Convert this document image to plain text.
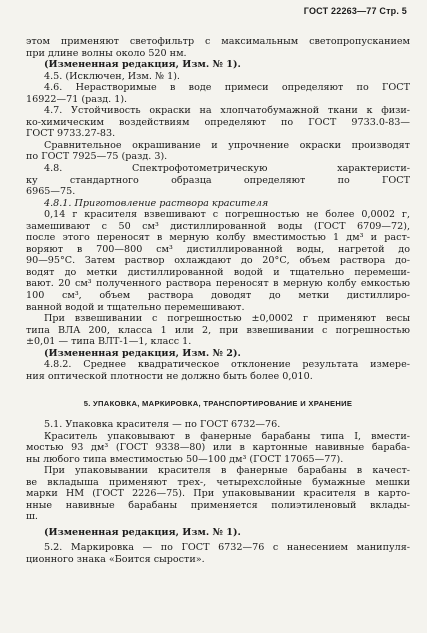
ГОСТ 22263—77 Стр. 5
этом применяют светофильтр с максимальным светопропусканием
при длине волны около 520 нм.
(Измененная редакция, Изм. № 1).
4.5. (Исключен, Изм. № 1).
4.6. Нерастворимые в воде примеси определяют по ГОСТ
16922—71 (разд. 1).
4.7. Устойчивость окраски на хлопчатобумажной ткани к физи-
ко-химическим воздействиям определяют по ГОСТ 9733.0-83—
ГОСТ 9733.27-83.
Сравнительное окрашивание и упрочнение окраски производят
по ГОСТ 7925—75 (разд. 3).
4.8. Спектрофотометрическую характеристи-
ку стандартного образца определяют по ГОСТ
6965—75.
4.8.1. Приготовление раствора красителя
0,14 г красителя взвешивают с погрешностью не более 0,0002 г,
замешивают с 50 см³ дистиллированной воды (ГОСТ 6709—72),
после этого переносят в мерную колбу вместимостью 1 дм³ и раст-
воряют в 700—800 см³ дистиллированной воды, нагретой до
90—95°С. Затем раствор охлаждают до 20°С, объем раствора до-
водят до метки дистиллированной водой и тщательно перемеши-
вают. 20 см³ полученного раствора переносят в мерную колбу емкостью 100 см³, объем раствора доводят до метки дистиллиро-
ванной водой и тщательно перемешивают.
При взвешивании с погрешностью ±0,0002 г применяют весы
типа ВЛА 200, класса 1 или 2, при взвешивании с погрешностью
±0,01 — типа ВЛТ-1—1, класс 1.
(Измененная редакция, Изм. № 2).
4.8.2. Среднее квадратическое отклонение результата измере-
ния оптической плотности не должно быть более 0,010.
5. УПАКОВКА, МАРКИРОВКА, ТРАНСПОРТИРОВАНИЕ И ХРАНЕНИЕ
5.1. Упаковка красителя — по ГОСТ 6732—76.
Краситель упаковывают в фанерные барабаны типа I, вмести-
мостью 93 дм³ (ГОСТ 9338—80) или в картонные навивные бараба-
ны любого типа вместимостью 50—100 дм³ (ГОСТ 17065—77).
При упаковывании красителя в фанерные барабаны в качест-
ве вкладыша применяют трех-, четырехслойные бумажные мешки
марки НМ (ГОСТ 2226—75). При упаковывании красителя в карто-
нные навивные барабаны применяется полиэтиленовый вклады-
ш.
(Измененная редакция, Изм. № 1).
5.2. Маркировка — по ГОСТ 6732—76 с нанесением манипуля-
ционного знака «Боится сырости».
